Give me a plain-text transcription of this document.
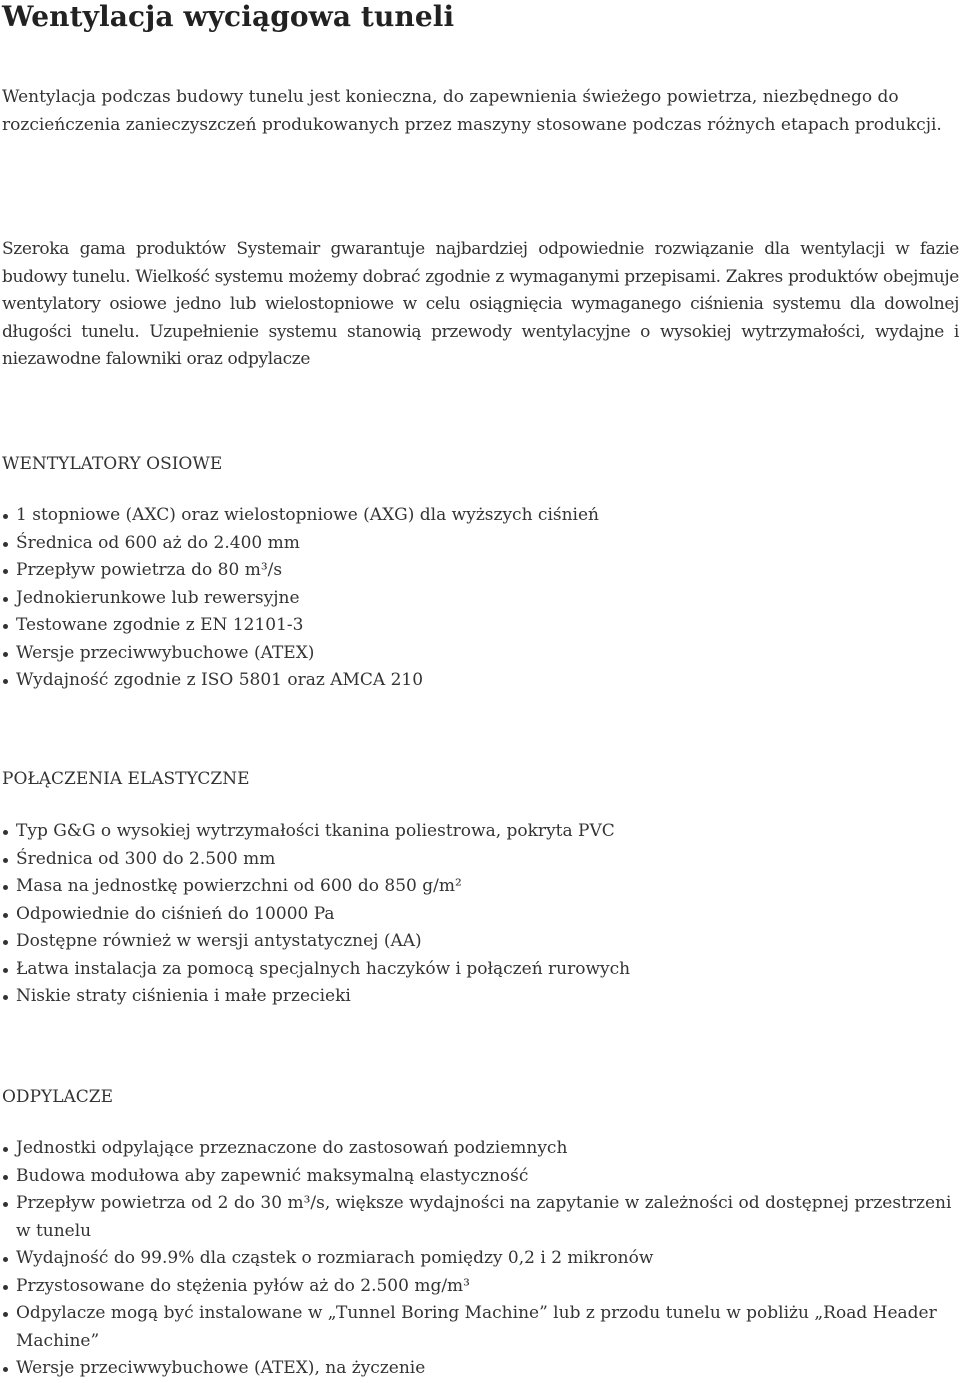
Wentylacja wyciągowa tuneli

Wentylacja podczas budowy tunelu jest konieczna, do zapewnienia świeżego powietrza, niezbędnego do rozcieńczenia zanieczyszczeń produkowanych przez maszyny stosowane podczas różnych etapach produkcji.

Szeroka gama produktów Systemair gwarantuje najbardziej odpowiednie rozwiązanie dla wentylacji w fazie budowy tunelu. Wielkość systemu możemy dobrać zgodnie z wymaganymi przepisami. Zakres produktów obejmuje wentylatory osiowe jedno lub wielostopniowe w celu osiągnięcia wymaganego ciśnienia systemu dla dowolnej długości tunelu. Uzupełnienie systemu stanowią przewody wentylacyjne o wysokiej wytrzymałości, wydajne i niezawodne falowniki oraz odpylacze

WENTYLATORY OSIOWE
1 stopniowe (AXC) oraz wielostopniowe (AXG) dla wyższych ciśnień
Średnica od 600 aż do 2.400 mm
Przepływ powietrza do 80 m³/s
Jednokierunkowe lub rewersyjne
Testowane zgodnie z EN 12101-3
Wersje przeciwwybuchowe (ATEX)
Wydajność zgodnie z ISO 5801 oraz AMCA 210
POŁĄCZENIA ELASTYCZNE
Typ G&G o wysokiej wytrzymałości tkanina poliestrowa, pokryta PVC
Średnica od 300 do 2.500 mm
Masa na jednostkę powierzchni od 600 do 850 g/m²
Odpowiednie do ciśnień do 10000 Pa
Dostępne również w wersji antystatycznej (AA)
Łatwa instalacja za pomocą specjalnych haczyków i połączeń rurowych
Niskie straty ciśnienia i małe przecieki
ODPYLACZE
Jednostki odpylające przeznaczone do zastosowań podziemnych
Budowa modułowa aby zapewnić maksymalną elastyczność
Przepływ powietrza od 2 do 30 m³/s, większe wydajności na zapytanie w zależności od dostępnej przestrzeni w tunelu
Wydajność do 99.9% dla cząstek o rozmiarach pomiędzy 0,2 i 2 mikronów
Przystosowane do stężenia pyłów aż do 2.500 mg/m³
Odpylacze mogą być instalowane w „Tunnel Boring Machine” lub z przodu tunelu w pobliżu „Road Header Machine”
Wersje przeciwwybuchowe (ATEX), na życzenie
